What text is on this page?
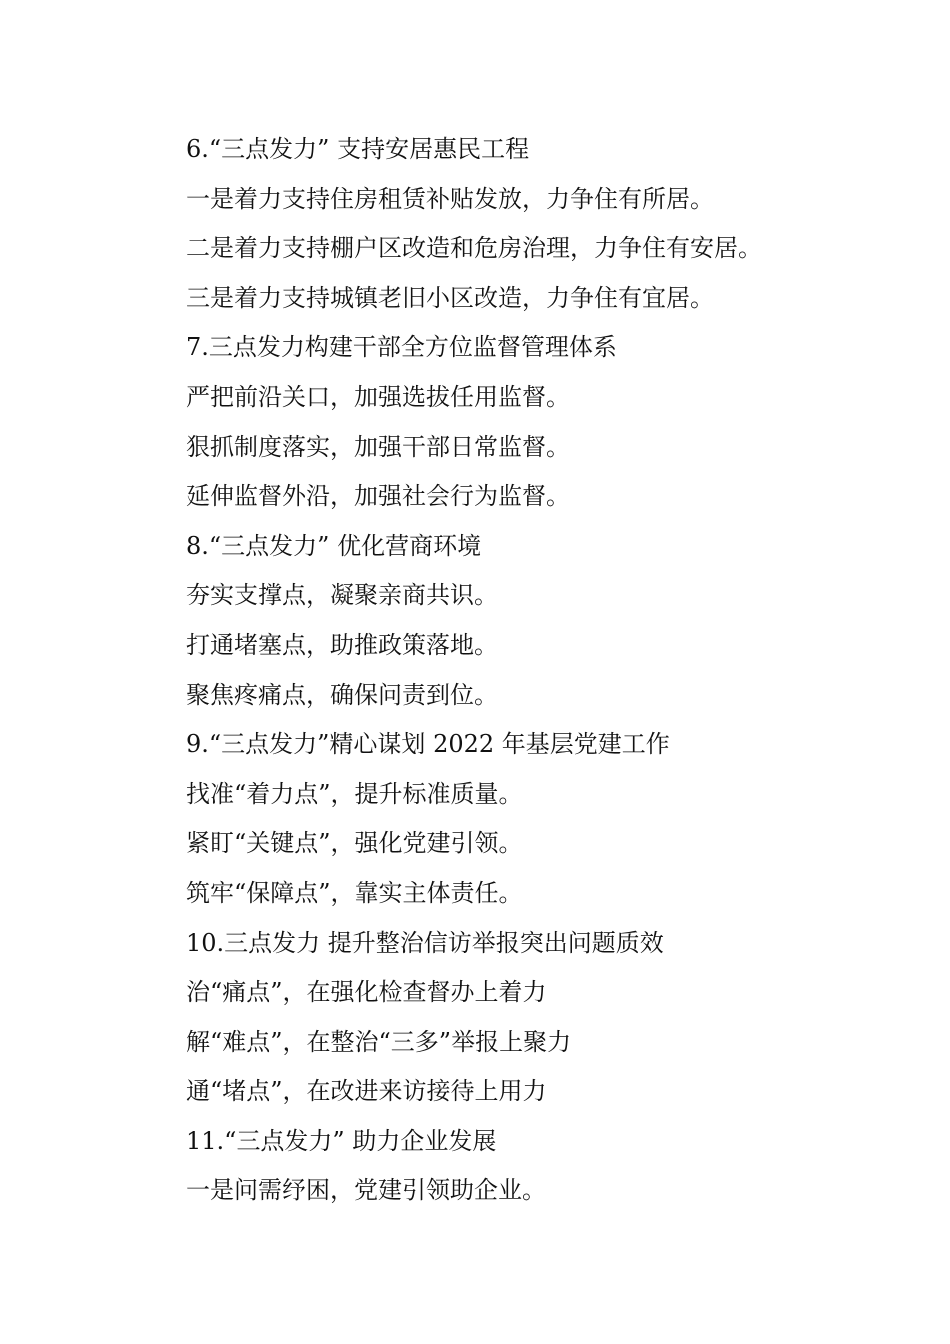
6.“三点发力” 支持安居惠民工程
一是着力支持住房租赁补贴发放，力争住有所居。
二是着力支持棚户区改造和危房治理，力争住有安居。
三是着力支持城镇老旧小区改造，力争住有宜居。
7.三点发力构建干部全方位监督管理体系
严把前沿关口，加强选拔任用监督。
狠抓制度落实，加强干部日常监督。
延伸监督外沿，加强社会行为监督。
8.“三点发力” 优化营商环境
夯实支撑点，凝聚亲商共识。
打通堵塞点，助推政策落地。
聚焦疼痛点，确保问责到位。
9.“三点发力”精心谋划 2022 年基层党建工作
找准“着力点”，提升标准质量。
紧盯“关键点”，强化党建引领。
筑牢“保障点”，靠实主体责任。
10.三点发力 提升整治信访举报突出问题质效
治“痛点”，在强化检查督办上着力
解“难点”，在整治“三多”举报上聚力
通“堵点”，在改进来访接待上用力
11.“三点发力” 助力企业发展
一是问需纾困，党建引领助企业。
